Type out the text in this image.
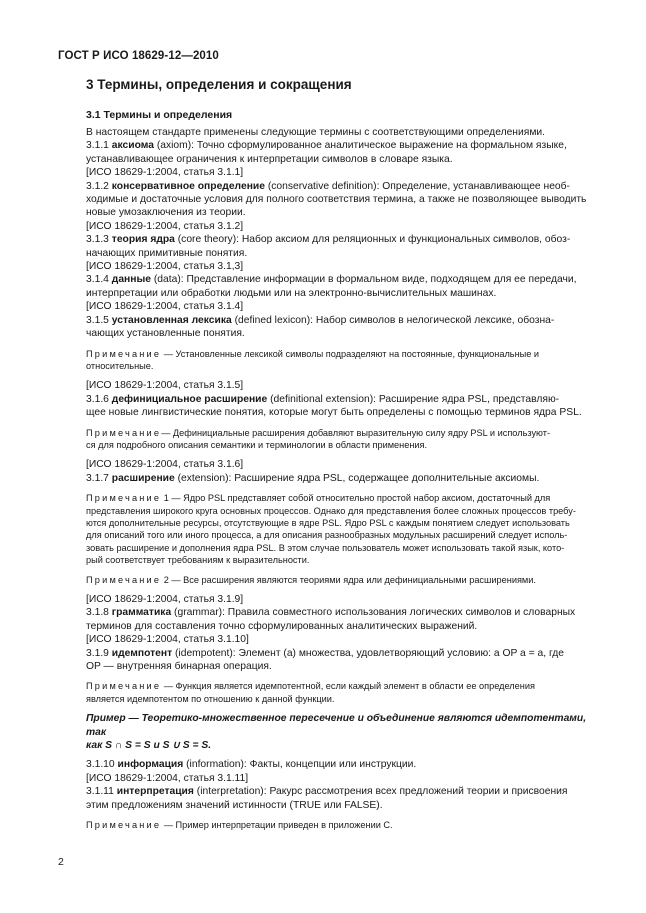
ГОСТ Р ИСО 18629-12—2010
3 Термины, определения и сокращения
3.1 Термины и определения

В настоящем стандарте применены следующие термины с соответствующими определениями.

3.1.1 аксиома (axiom): Точно сформулированное аналитическое выражение на формальном языке,
устанавливающее ограничения к интерпретации символов в словаре языка.

[ИСО 18629-1:2004, статья 3.1.1]

3.1.2 консервативное определение (conservative definition): Определение, устанавливающее необ-
ходимые и достаточные условия для полного соответствия термина, а также не позволяющее выводить
новые умозаключения из теории.

[ИСО 18629-1:2004, статья 3.1.2]

3.1.3 теория ядра (core theory): Набор аксиом для реляционных и функциональных символов, обоз-
начающих примитивные понятия.

[ИСО 18629-1:2004, статья 3.1,3]

3.1.4 данные (data): Представление информации в формальном виде, подходящем для ее передачи,
интерпретации или обработки людьми или на электронно-вычислительных машинах.

[ИСО 18629-1:2004, статья 3.1.4]

3.1.5 установленная лексика (defined lexicon): Набор символов в нелогической лексике, обозна-
чающих установленные понятия.

Примечание — Установленные лексикой символы подразделяют на постоянные, функциональные и
относительные.

[ИСО 18629-1:2004, статья 3.1.5]

3.1.6 дефинициальное расширение (definitional extension): Расширение ядра PSL, представляю-
щее новые лингвистические понятия, которые могут быть определены с помощью терминов ядра PSL.

Примечание— Дефинициальные расширения добавляют выразительную силу ядру PSL и используют-
ся для подробного описания семантики и терминологии в области применения.

[ИСО 18629-1:2004, статья 3.1.6]

3.1.7 расширение (extension): Расширение ядра PSL, содержащее дополнительные аксиомы.

Примечание 1 — Ядро PSL представляет собой относительно простой набор аксиом, достаточный для
представления широкого круга основных процессов. Однако для представления более сложных процессов требу-
ются дополнительные ресурсы, отсутствующие в ядре PSL. Ядро PSL с каждым понятием следует использовать
для описаний того или иного процесса, а для описания разнообразных модульных расширений следует исполь-
зовать расширение и дополнения ядра PSL. В этом случае пользователь может использовать такой язык, кото-
рый соответствует требованиям к выразительности.
Примечание 2 — Все расширения являются теориями ядра или дефинициальными расширениями.

[ИСО 18629-1:2004, статья 3.1.9]

3.1.8 грамматика (grammar): Правила совместного использования логических символов и словарных
терминов для составления точно сформулированных аналитических выражений.

[ИСО 18629-1:2004, статья 3.1.10]

3.1.9 идемпотент (idempotent): Элемент (a) множества, удовлетворяющий условию: a OP a = a, где
OP — внутренняя бинарная операция.

Примечание — Функция является идемпотентной, если каждый элемент в области ее определения
является идемпотентом по отношению к данной функции.
Пример — Теоретико-множественное пересечение и объединение являются идемпотентами, так
как S ∩ S = S и S ∪ S = S.

3.1.10 информация (information): Факты, концепции или инструкции.

[ИСО 18629-1:2004, статья 3.1.11]

3.1.11 интерпретация (interpretation): Ракурс рассмотрения всех предложений теории и присвоения
этим предложениям значений истинности (TRUE или FALSE).

Примечание — Пример интерпретации приведен в приложении С.
2
